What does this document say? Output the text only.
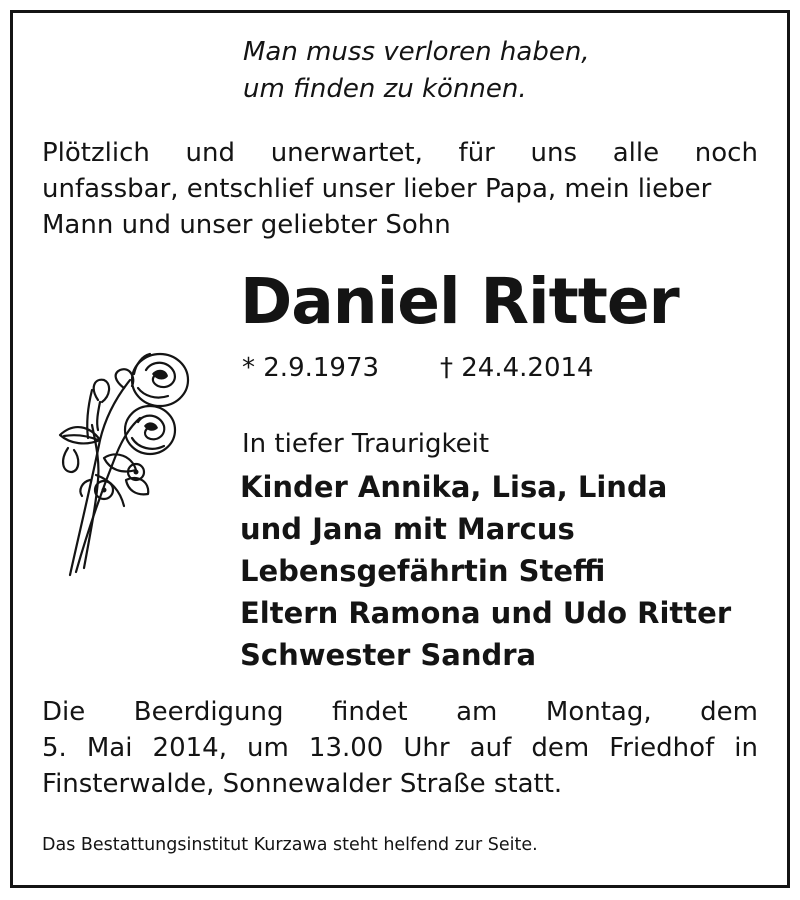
Man muss verloren haben,
um finden zu können.
Plötzlich und unerwartet, für uns alle noch
unfassbar, entschlief unser lieber Papa, mein lieber
Mann und unser geliebter Sohn
Daniel Ritter
* 2.9.1973 † 24.4.2014
In tiefer Traurigkeit
Kinder Annika, Lisa, Linda
und Jana mit Marcus
Lebensgefährtin Steffi
Eltern Ramona und Udo Ritter
Schwester Sandra
Die Beerdigung findet am Montag, dem
5. Mai 2014, um 13.00 Uhr auf dem Friedhof in
Finsterwalde, Sonnewalder Straße statt.
Das Bestattungsinstitut Kurzawa steht helfend zur Seite.
